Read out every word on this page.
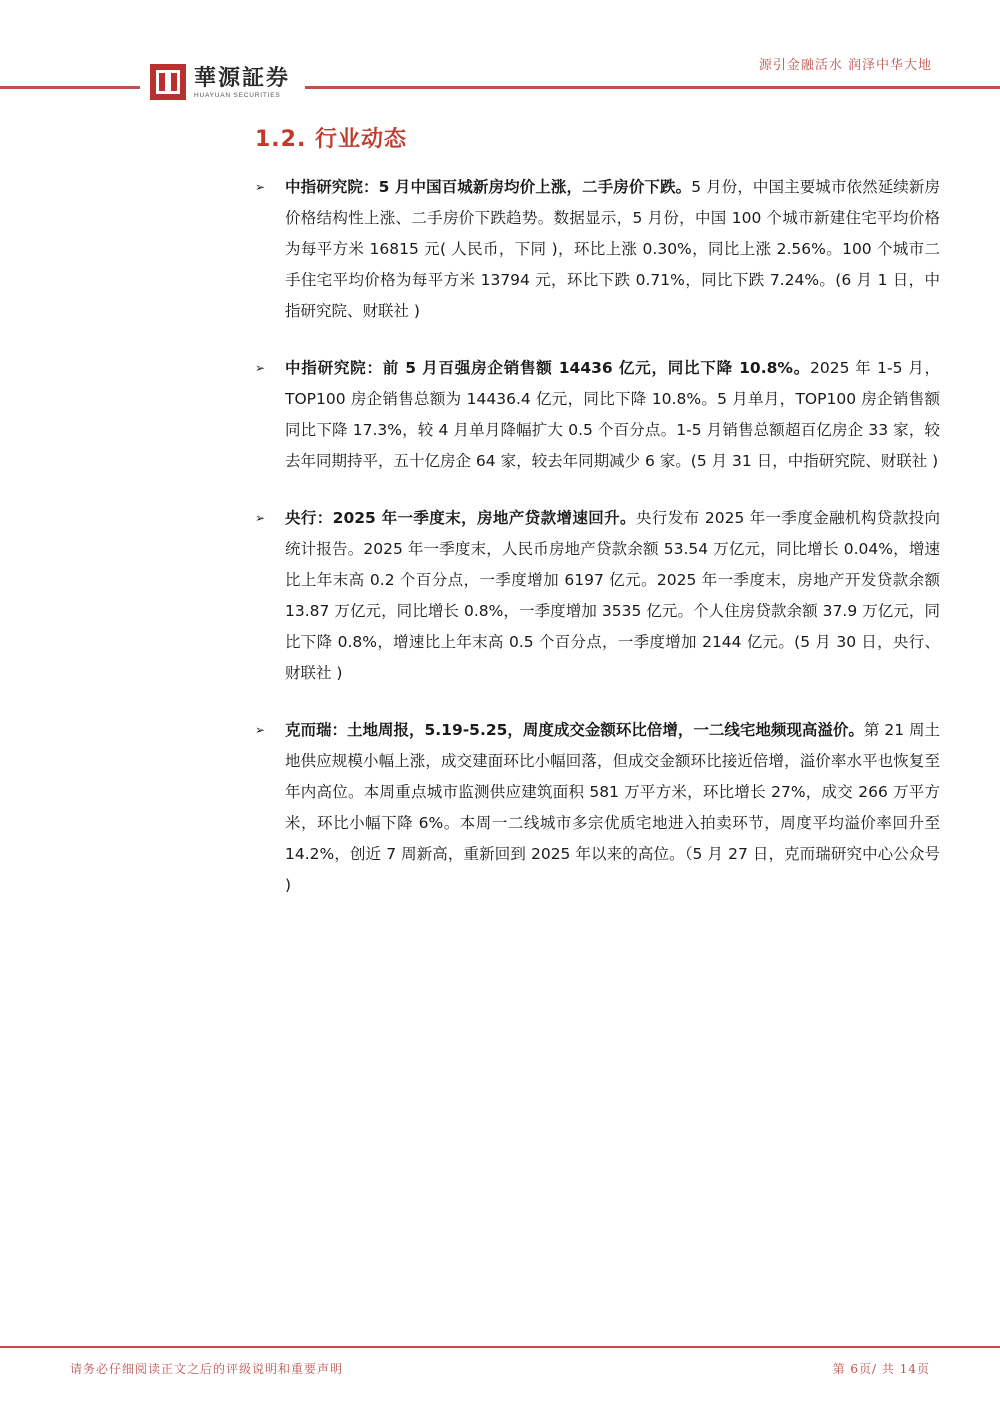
華源証券
HUAYUAN SECURITIES
源引金融活水 润泽中华大地
1.2. 行业动态
➢	中指研究院：5 月中国百城新房均价上涨，二手房价下跌。5 月份，中国主要城市依然延续新房价格结构性上涨、二手房价下跌趋势。数据显示，5 月份，中国 100 个城市新建住宅平均价格为每平方米 16815 元( 人民币，下同 )，环比上涨 0.30%，同比上涨 2.56%。100 个城市二手住宅平均价格为每平方米 13794 元，环比下跌 0.71%，同比下跌 7.24%。(6 月 1 日，中指研究院、财联社 )
➢	中指研究院：前 5 月百强房企销售额 14436 亿元，同比下降 10.8%。2025 年 1-5 月，TOP100 房企销售总额为 14436.4 亿元，同比下降 10.8%。5 月单月，TOP100 房企销售额同比下降 17.3%，较 4 月单月降幅扩大 0.5 个百分点。1-5 月销售总额超百亿房企 33 家，较去年同期持平，五十亿房企 64 家，较去年同期减少 6 家。(5 月 31 日，中指研究院、财联社 )
➢	央行：2025 年一季度末，房地产贷款增速回升。央行发布 2025 年一季度金融机构贷款投向统计报告。2025 年一季度末，人民币房地产贷款余额 53.54 万亿元，同比增长 0.04%，增速比上年末高 0.2 个百分点，一季度增加 6197 亿元。2025 年一季度末，房地产开发贷款余额 13.87 万亿元，同比增长 0.8%，一季度增加 3535 亿元。个人住房贷款余额 37.9 万亿元，同比下降 0.8%，增速比上年末高 0.5 个百分点，一季度增加 2144 亿元。(5 月 30 日，央行、财联社 )
➢	克而瑞：土地周报，5.19-5.25，周度成交金额环比倍增，一二线宅地频现高溢价。第 21 周土地供应规模小幅上涨，成交建面环比小幅回落，但成交金额环比接近倍增，溢价率水平也恢复至年内高位。本周重点城市监测供应建筑面积 581 万平方米，环比增长 27%，成交 266 万平方米，环比小幅下降 6%。本周一二线城市多宗优质宅地进入拍卖环节，周度平均溢价率回升至 14.2%，创近 7 周新高，重新回到 2025 年以来的高位。（5 月 27 日，克而瑞研究中心公众号 )
请务必仔细阅读正文之后的评级说明和重要声明	第 6页/ 共 14页
